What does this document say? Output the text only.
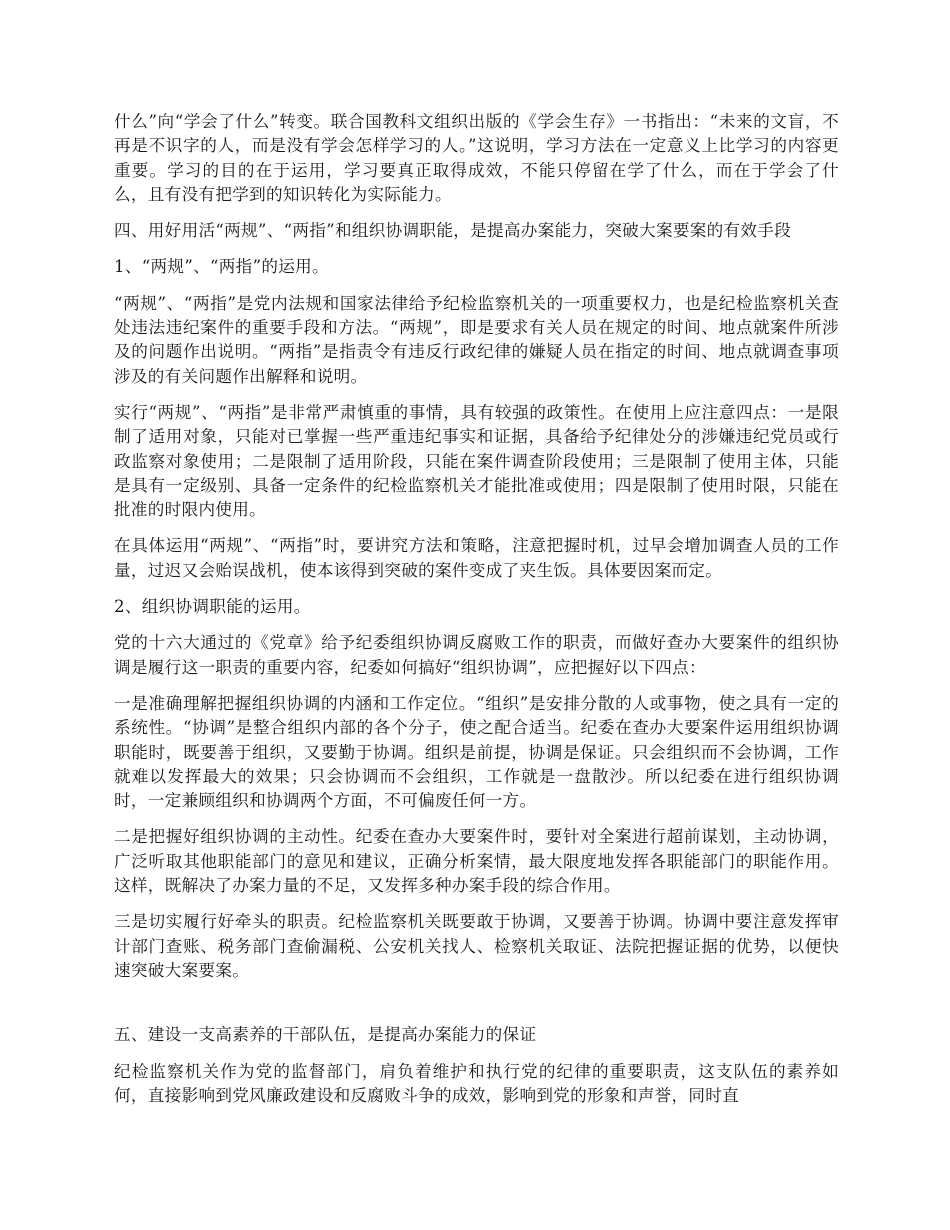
什么”向“学会了什么”转变。联合国教科文组织出版的《学会生存》一书指出：“未来的文盲，不再是不识字的人，而是没有学会怎样学习的人。”这说明，学习方法在一定意义上比学习的内容更重要。学习的目的在于运用，学习要真正取得成效，不能只停留在学了什么，而在于学会了什么，且有没有把学到的知识转化为实际能力。

四、用好用活“两规”、“两指”和组织协调职能，是提高办案能力，突破大案要案的有效手段

1、“两规”、“两指”的运用。

“两规”、“两指”是党内法规和国家法律给予纪检监察机关的一项重要权力，也是纪检监察机关查处违法违纪案件的重要手段和方法。“两规”，即是要求有关人员在规定的时间、地点就案件所涉及的问题作出说明。“两指”是指责令有违反行政纪律的嫌疑人员在指定的时间、地点就调查事项涉及的有关问题作出解释和说明。

实行“两规”、“两指”是非常严肃慎重的事情，具有较强的政策性。在使用上应注意四点：一是限制了适用对象，只能对已掌握一些严重违纪事实和证据，具备给予纪律处分的涉嫌违纪党员或行政监察对象使用；二是限制了适用阶段，只能在案件调查阶段使用；三是限制了使用主体，只能是具有一定级别、具备一定条件的纪检监察机关才能批准或使用；四是限制了使用时限，只能在批准的时限内使用。

在具体运用“两规”、“两指”时，要讲究方法和策略，注意把握时机，过早会增加调查人员的工作量，过迟又会贻误战机，使本该得到突破的案件变成了夹生饭。具体要因案而定。

2、组织协调职能的运用。

党的十六大通过的《党章》给予纪委组织协调反腐败工作的职责，而做好查办大要案件的组织协调是履行这一职责的重要内容，纪委如何搞好“组织协调”，应把握好以下四点：

一是准确理解把握组织协调的内涵和工作定位。“组织”是安排分散的人或事物，使之具有一定的系统性。“协调”是整合组织内部的各个分子，使之配合适当。纪委在查办大要案件运用组织协调职能时，既要善于组织，又要勤于协调。组织是前提，协调是保证。只会组织而不会协调，工作就难以发挥最大的效果；只会协调而不会组织，工作就是一盘散沙。所以纪委在进行组织协调时，一定兼顾组织和协调两个方面，不可偏废任何一方。

二是把握好组织协调的主动性。纪委在查办大要案件时，要针对全案进行超前谋划，主动协调，广泛听取其他职能部门的意见和建议，正确分析案情，最大限度地发挥各职能部门的职能作用。这样，既解决了办案力量的不足，又发挥多种办案手段的综合作用。

三是切实履行好牵头的职责。纪检监察机关既要敢于协调，又要善于协调。协调中要注意发挥审计部门查账、税务部门查偷漏税、公安机关找人、检察机关取证、法院把握证据的优势，以便快速突破大案要案。

五、建设一支高素养的干部队伍，是提高办案能力的保证

纪检监察机关作为党的监督部门，肩负着维护和执行党的纪律的重要职责，这支队伍的素养如何，直接影响到党风廉政建设和反腐败斗争的成效，影响到党的形象和声誉，同时直
